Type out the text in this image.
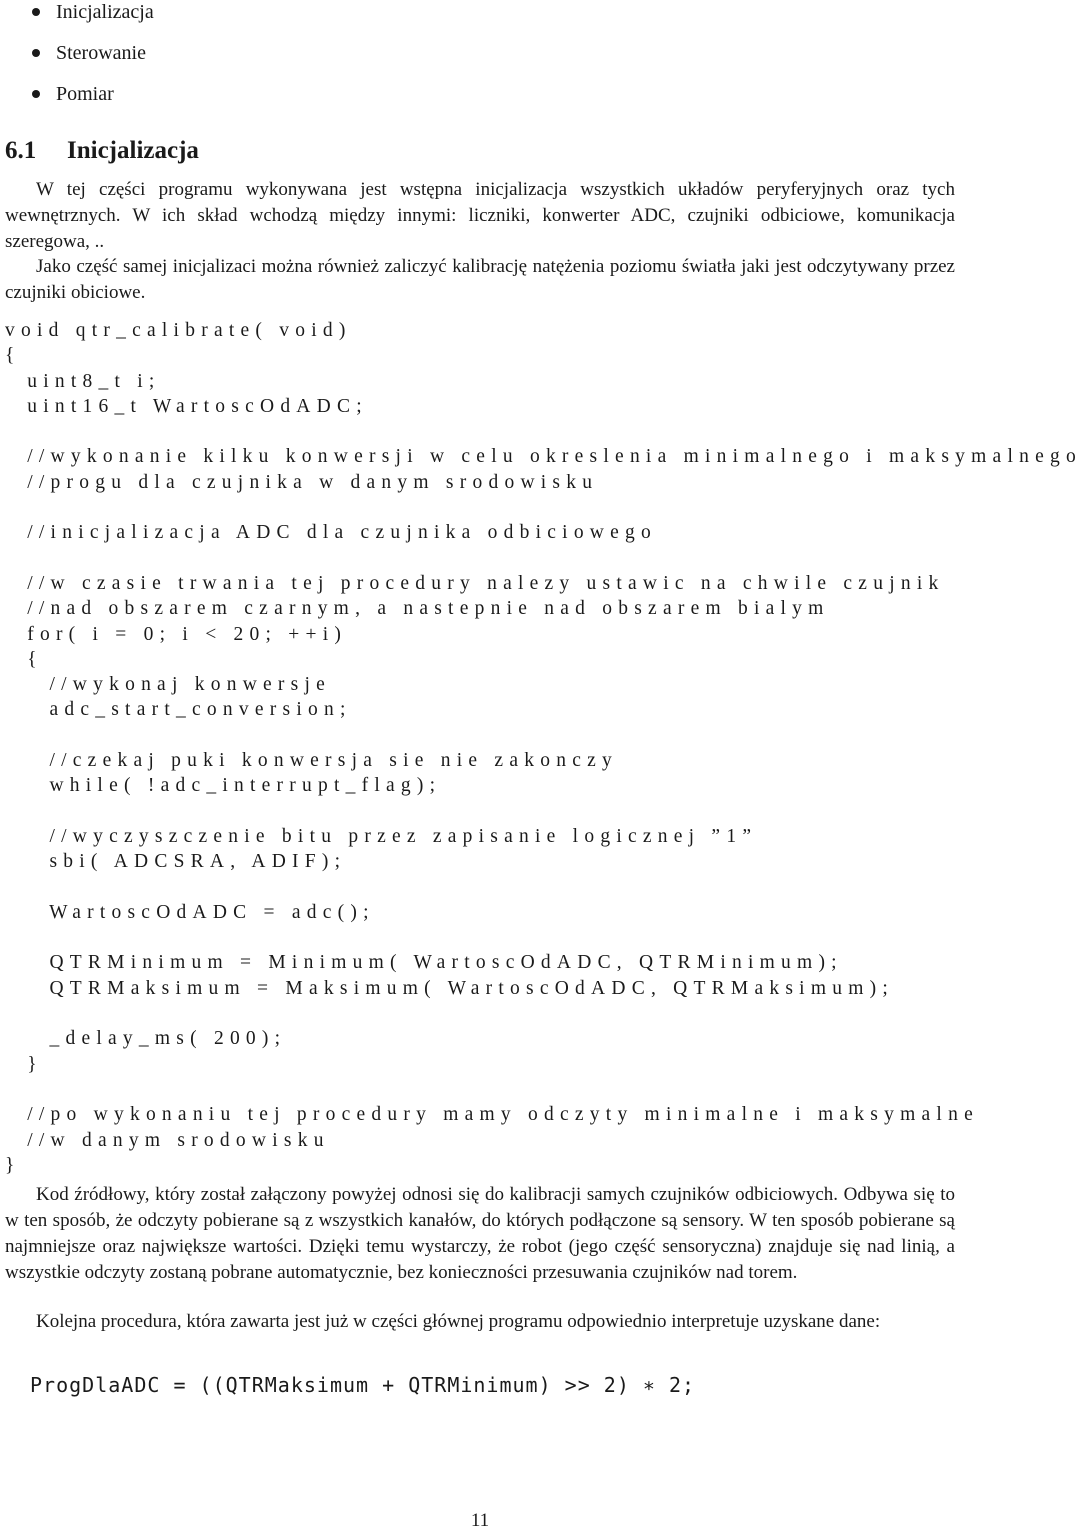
Inicjalizacja
Sterowanie
Pomiar
6.1 Inicjalizacja

W tej części programu wykonywana jest wstępna inicjalizacja wszystkich układów peryferyjnych oraz tych wewnętrznych. W ich skład wchodzą między innymi: liczniki, konwerter ADC, czujniki odbiciowe, komunikacja szeregowa, ..

Jako część samej inicjalizaci można również zaliczyć kalibrację natężenia poziomu światła jaki jest odczytywany przez czujniki obiciowe.

void qtr_calibrate( void)
{
uint8_t i;
uint16_t WartoscOdADC;

//wykonanie kilku konwersji w celu okreslenia minimalnego i maksymalnego
//progu dla czujnika w danym srodowisku

//inicjalizacja ADC dla czujnika odbiciowego

//w czasie trwania tej procedury nalezy ustawic na chwile czujnik
//nad obszarem czarnym, a nastepnie nad obszarem bialym
for( i = 0; i < 20; ++i)
{
//wykonaj konwersje
adc_start_conversion;

//czekaj puki konwersja sie nie zakonczy
while( !adc_interrupt_flag);

//wyczyszczenie bitu przez zapisanie logicznej ”1”
sbi( ADCSRA, ADIF);

WartoscOdADC = adc();

QTRMinimum = Minimum( WartoscOdADC, QTRMinimum);
QTRMaksimum = Maksimum( WartoscOdADC, QTRMaksimum);

_delay_ms( 200);
}

//po wykonaniu tej procedury mamy odczyty minimalne i maksymalne
//w danym srodowisku
}

Kod źródłowy, który został załączony powyżej odnosi się do kalibracji samych czujników odbiciowych. Odbywa się to w ten sposób, że odczyty pobierane są z wszystkich kanałów, do których podłączone są sensory. W ten sposób pobierane są najmniejsze oraz największe wartości. Dzięki temu wystarczy, że robot (jego część sensoryczna) znajduje się nad linią, a wszystkie odczyty zostaną pobrane automatycznie, bez konieczności przesuwania czujników nad torem.

Kolejna procedura, która zawarta jest już w części głównej programu odpowiednio interpretuje uzyskane dane:

ProgDlaADC = ((QTRMaksimum + QTRMinimum) >> 2) ∗ 2;
11
